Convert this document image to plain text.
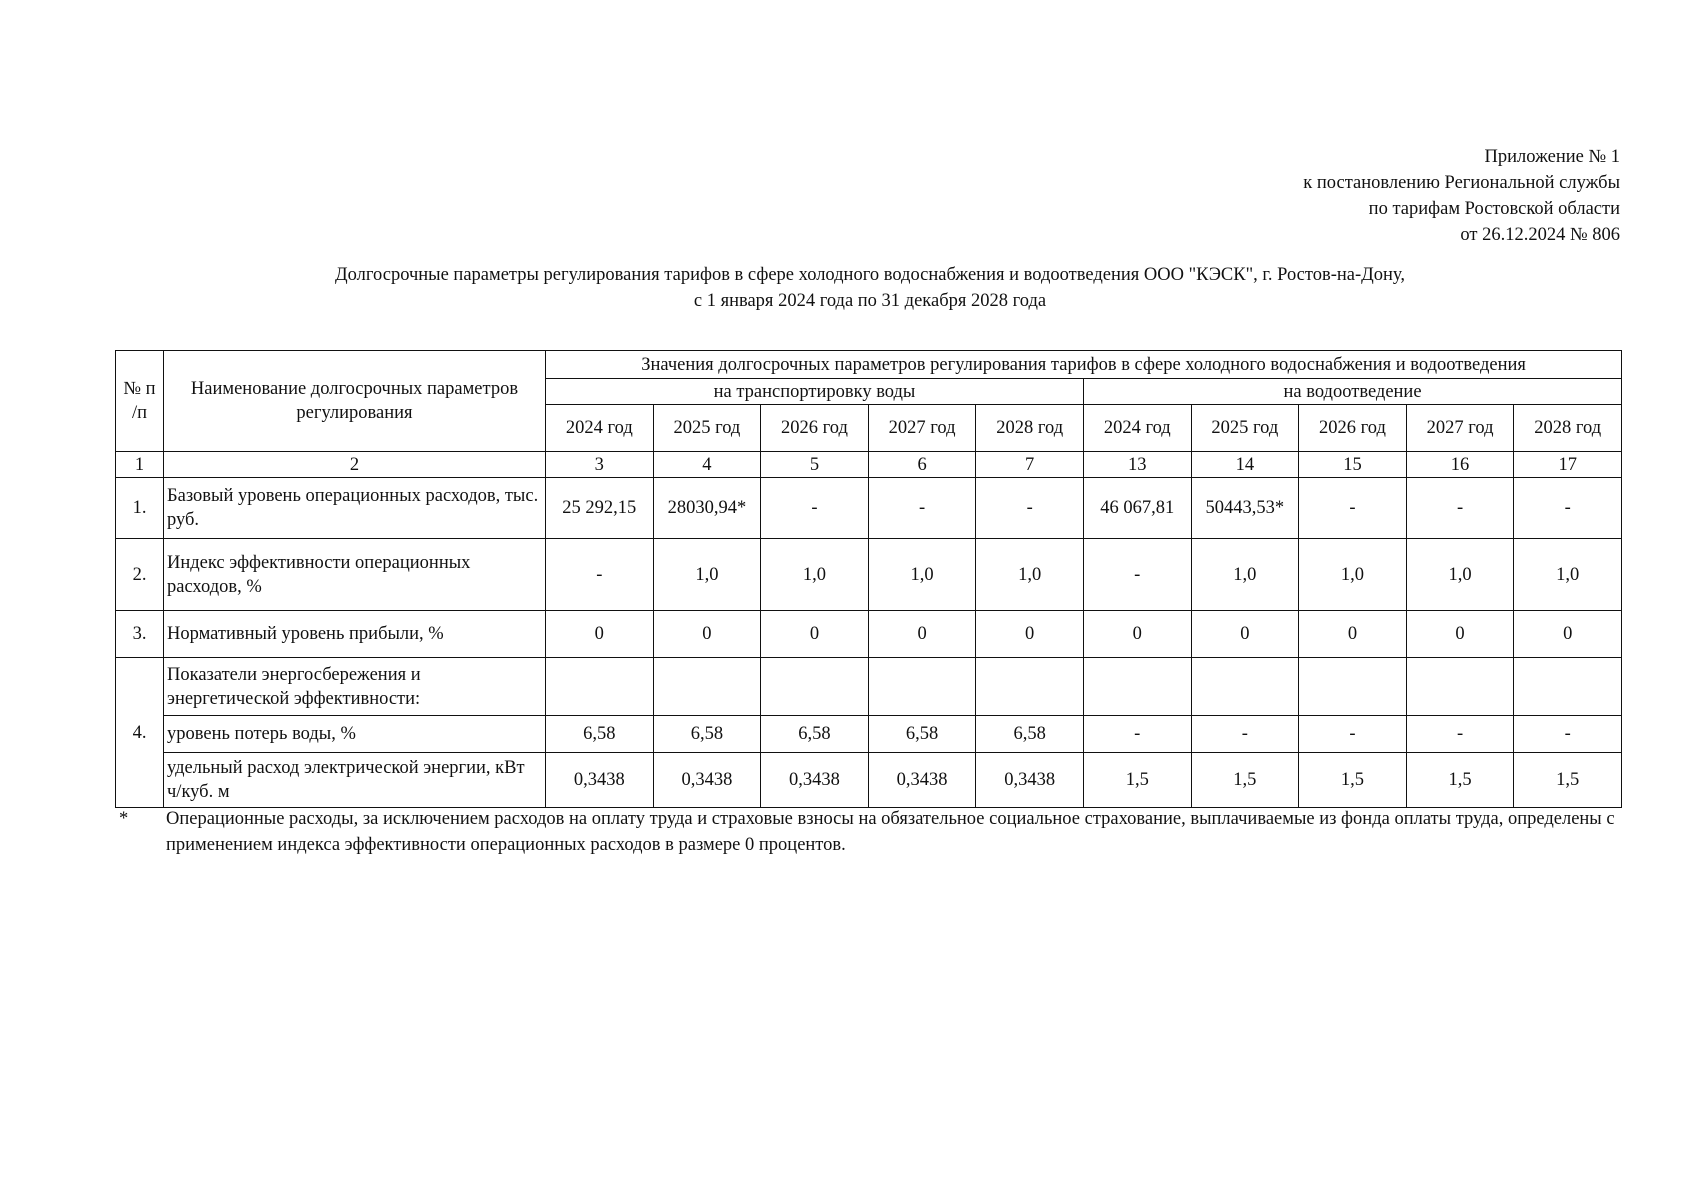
Приложение № 1
к постановлению Региональной службы
по тарифам Ростовской области
от 26.12.2024 № 806
Долгосрочные параметры регулирования тарифов в сфере холодного водоснабжения и водоотведения ООО "КЭСК", г. Ростов-на-Дону,
с 1 января 2024 года по 31 декабря 2028 года
№ п /п	Наименование долгосрочных параметров регулирования	Значения долгосрочных параметров регулирования тарифов в сфере холодного водоснабжения и водоотведения									
		на транспортировку воды					на водоотведение				
		2024 год	2025 год	2026 год	2027 год	2028 год	2024 год	2025 год	2026 год	2027 год	2028 год
1	2	3	4	5	6	7	13	14	15	16	17
1.	Базовый уровень операционных расходов, тыс. руб.	25 292,15	28030,94*	-	-	-	46 067,81	50443,53*	-	-	-
2.	Индекс эффективности операционных расходов, %	-	1,0	1,0	1,0	1,0	-	1,0	1,0	1,0	1,0
3.	Нормативный уровень прибыли, %	0	0	0	0	0	0	0	0	0	0
4.	Показатели энергосбережения и энергетической эффективности:										
	уровень потерь воды, %	6,58	6,58	6,58	6,58	6,58	-	-	-	-	-
	удельный расход электрической энергии, кВт ч/куб. м	0,3438	0,3438	0,3438	0,3438	0,3438	1,5	1,5	1,5	1,5	1,5
* Операционные расходы, за исключением расходов на оплату труда и страховые взносы на обязательное социальное страхование, выплачиваемые из фонда оплаты труда, определены с применением индекса эффективности операционных расходов в размере 0 процентов.
